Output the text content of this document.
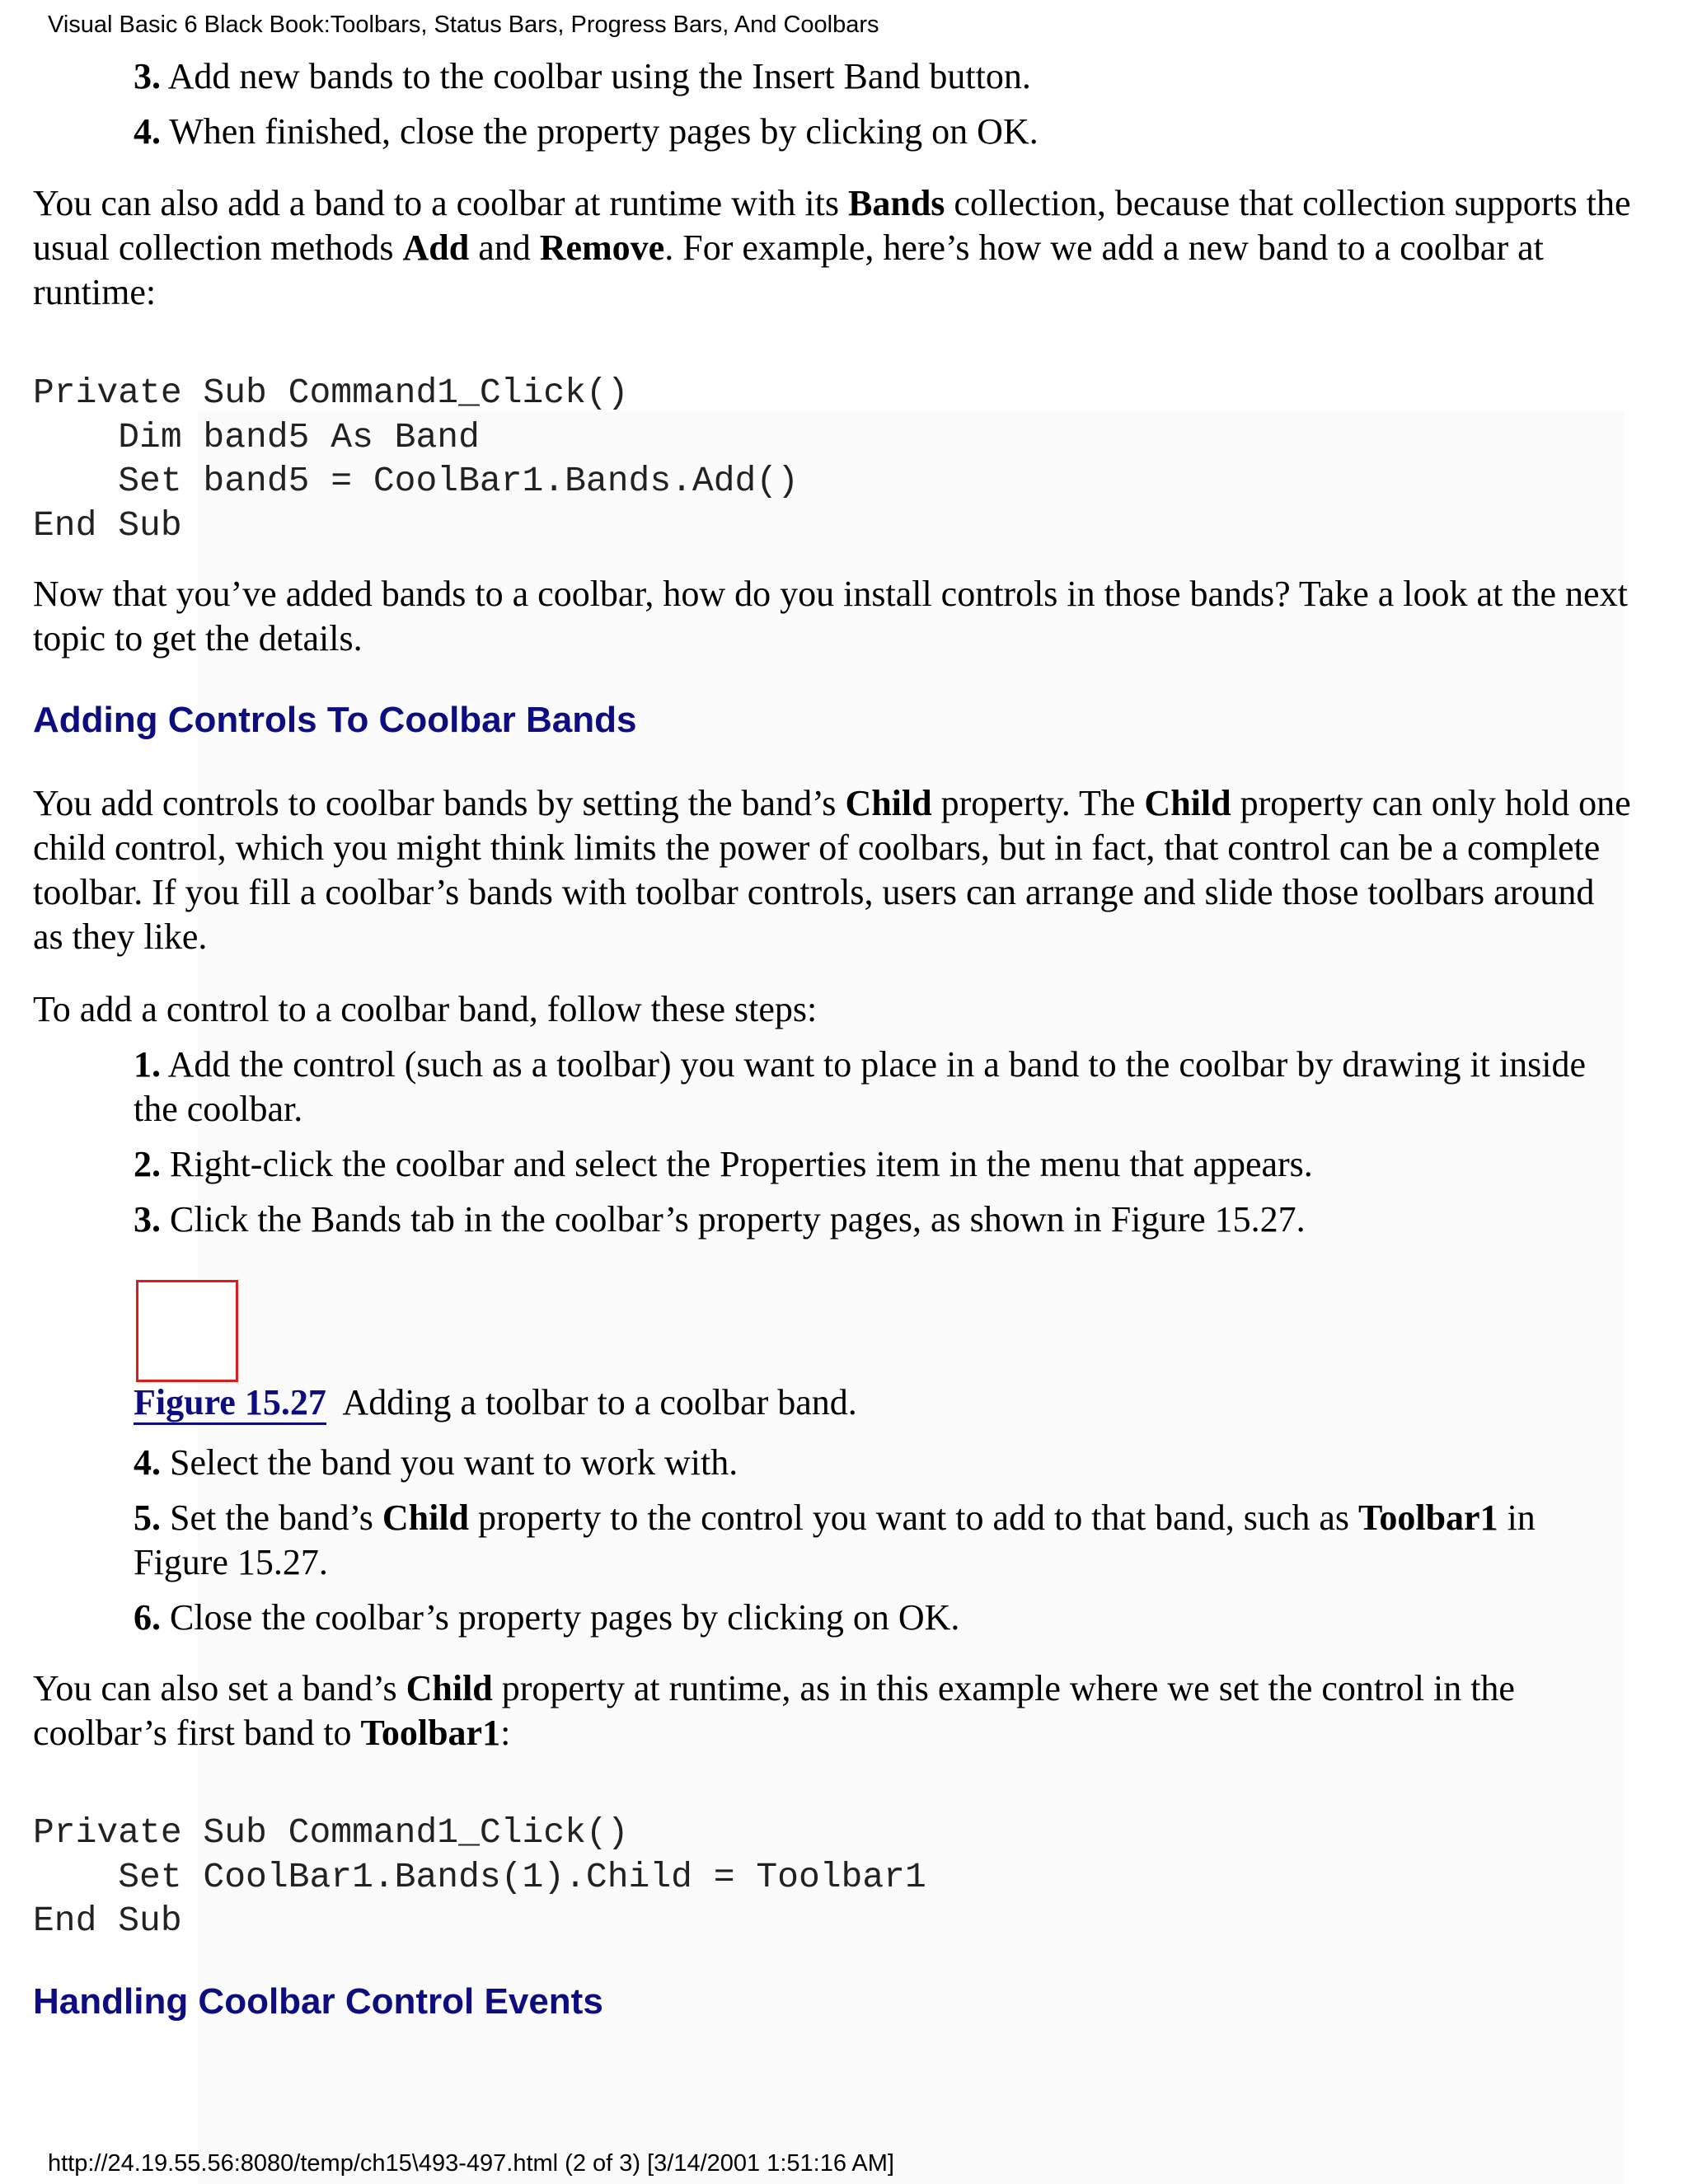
Visual Basic 6 Black Book:Toolbars, Status Bars, Progress Bars, And Coolbars
3. Add new bands to the coolbar using the Insert Band button.
4. When finished, close the property pages by clicking on OK.
You can also add a band to a coolbar at runtime with its Bands collection, because that collection supports the usual collection methods Add and Remove. For example, here’s how we add a new band to a coolbar at runtime:
Private Sub Command1_Click()
Dim band5 As Band
Set band5 = CoolBar1.Bands.Add()
End Sub
Now that you’ve added bands to a coolbar, how do you install controls in those bands? Take a look at the next topic to get the details.
Adding Controls To Coolbar Bands
You add controls to coolbar bands by setting the band’s Child property. The Child property can only hold one child control, which you might think limits the power of coolbars, but in fact, that control can be a complete toolbar. If you fill a coolbar’s bands with toolbar controls, users can arrange and slide those toolbars around as they like.
To add a control to a coolbar band, follow these steps:
1. Add the control (such as a toolbar) you want to place in a band to the coolbar by drawing it inside the coolbar.
2. Right-click the coolbar and select the Properties item in the menu that appears.
3. Click the Bands tab in the coolbar’s property pages, as shown in Figure 15.27.
Figure 15.27 Adding a toolbar to a coolbar band.
4. Select the band you want to work with.
5. Set the band’s Child property to the control you want to add to that band, such as Toolbar1 in Figure 15.27.
6. Close the coolbar’s property pages by clicking on OK.
You can also set a band’s Child property at runtime, as in this example where we set the control in the coolbar’s first band to Toolbar1:
Private Sub Command1_Click()
Set CoolBar1.Bands(1).Child = Toolbar1
End Sub
Handling Coolbar Control Events
http://24.19.55.56:8080/temp/ch15\493-497.html (2 of 3) [3/14/2001 1:51:16 AM]
